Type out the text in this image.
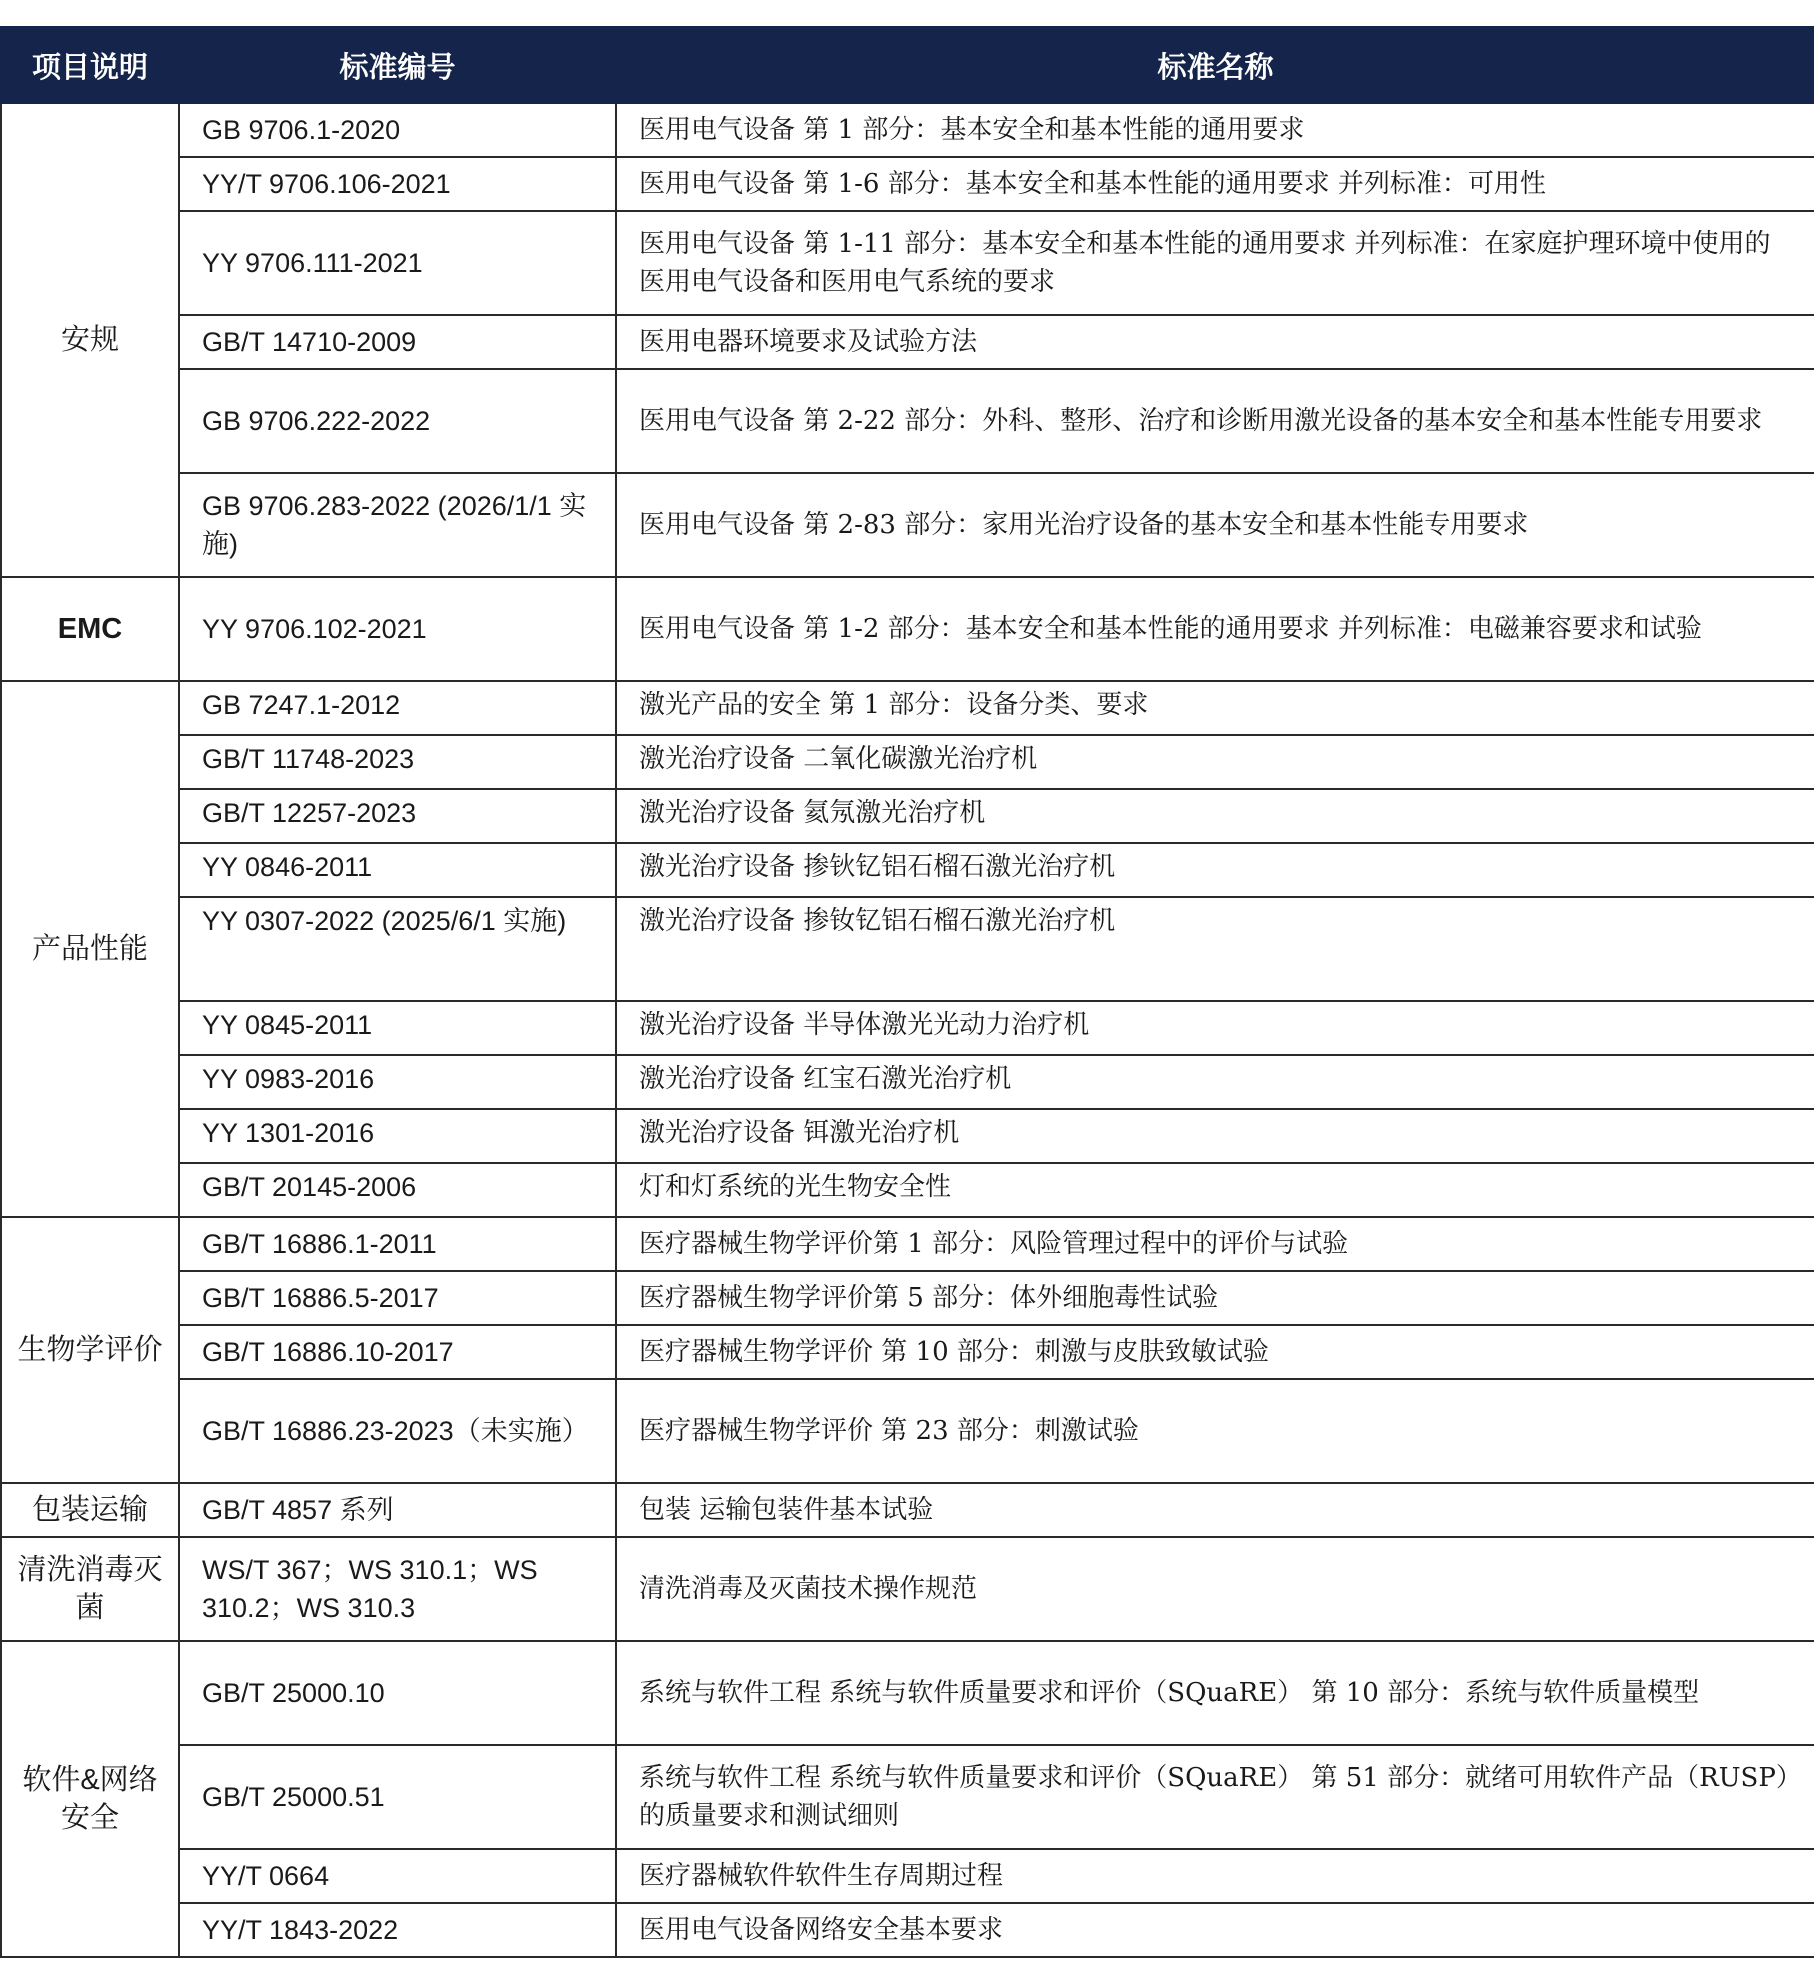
项目说明	标准编号	标准名称
安规	GB 9706.1-2020	医用电气设备 第 1 部分：基本安全和基本性能的通用要求
	YY/T 9706.106-2021	医用电气设备 第 1-6 部分：基本安全和基本性能的通用要求 并列标准：可用性
	YY 9706.111-2021	医用电气设备 第 1-11 部分：基本安全和基本性能的通用要求 并列标准：在家庭护理环境中使用的医用电气设备和医用电气系统的要求
	GB/T 14710-2009	医用电器环境要求及试验方法
	GB 9706.222-2022	医用电气设备 第 2-22 部分：外科、整形、治疗和诊断用激光设备的基本安全和基本性能专用要求
	GB 9706.283-2022 (2026/1/1 实施)	医用电气设备 第 2-83 部分：家用光治疗设备的基本安全和基本性能专用要求
EMC	YY 9706.102-2021	医用电气设备 第 1-2 部分：基本安全和基本性能的通用要求 并列标准：电磁兼容要求和试验
产品性能	GB 7247.1-2012	激光产品的安全 第 1 部分：设备分类、要求
	GB/T 11748-2023	激光治疗设备 二氧化碳激光治疗机
	GB/T 12257-2023	激光治疗设备 氦氖激光治疗机
	YY 0846-2011	激光治疗设备 掺钬钇铝石榴石激光治疗机
	YY 0307-2022 (2025/6/1 实施)	激光治疗设备 掺钕钇铝石榴石激光治疗机
	YY 0845-2011	激光治疗设备 半导体激光光动力治疗机
	YY 0983-2016	激光治疗设备 红宝石激光治疗机
	YY 1301-2016	激光治疗设备 铒激光治疗机
	GB/T 20145-2006	灯和灯系统的光生物安全性
生物学评价	GB/T 16886.1-2011	医疗器械生物学评价第 1 部分：风险管理过程中的评价与试验
	GB/T 16886.5-2017	医疗器械生物学评价第 5 部分：体外细胞毒性试验
	GB/T 16886.10-2017	医疗器械生物学评价 第 10 部分：刺激与皮肤致敏试验
	GB/T 16886.23-2023（未实施）	医疗器械生物学评价 第 23 部分：刺激试验
包装运输	GB/T 4857 系列	包装 运输包装件基本试验
清洗消毒灭菌	WS/T 367；WS 310.1；WS 310.2；WS 310.3	清洗消毒及灭菌技术操作规范
软件&网络安全	GB/T 25000.10	系统与软件工程 系统与软件质量要求和评价（SQuaRE） 第 10 部分：系统与软件质量模型
	GB/T 25000.51	系统与软件工程 系统与软件质量要求和评价（SQuaRE） 第 51 部分：就绪可用软件产品（RUSP）的质量要求和测试细则
	YY/T 0664	医疗器械软件软件生存周期过程
	YY/T 1843-2022	医用电气设备网络安全基本要求
